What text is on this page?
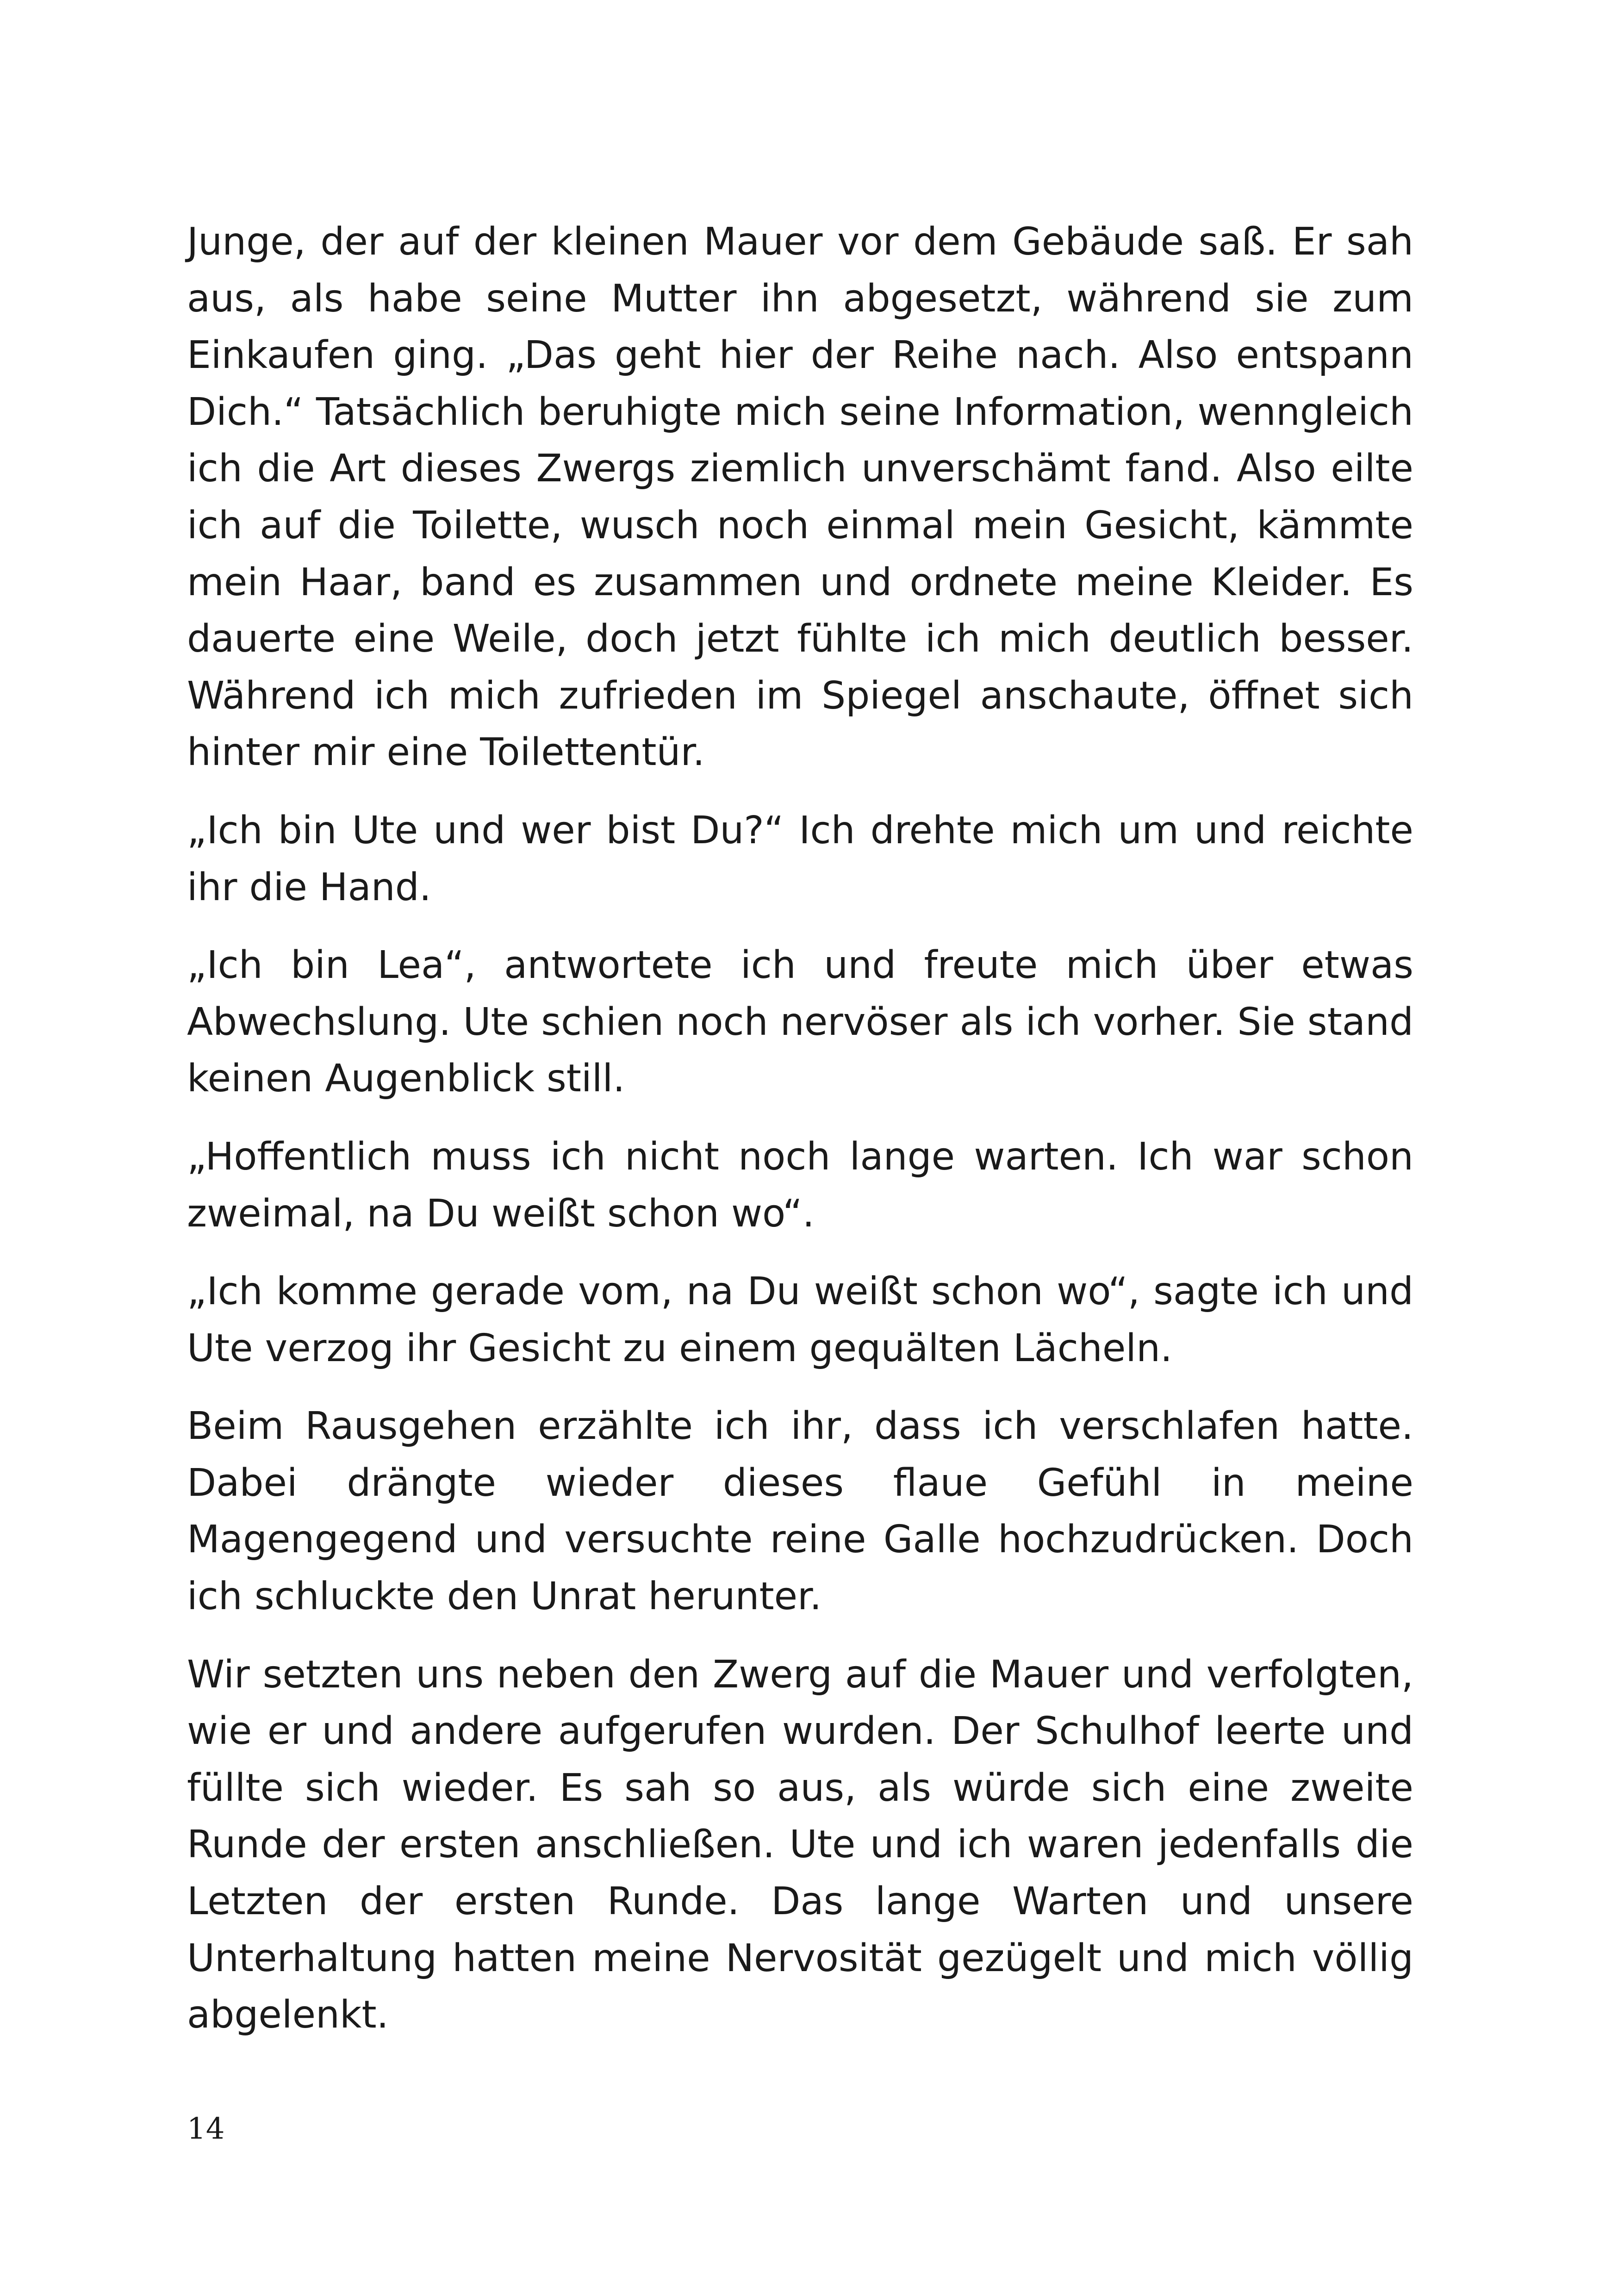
Junge, der auf der kleinen Mauer vor dem Gebäude saß. Er sah aus, als habe seine Mutter ihn abgesetzt, während sie zum Einkaufen ging. „Das geht hier der Reihe nach. Also entspann Dich.“ Tatsächlich beruhigte mich seine Information, wenngleich ich die Art dieses Zwergs ziemlich unverschämt fand. Also eilte ich auf die Toilette, wusch noch einmal mein Gesicht, kämmte mein Haar, band es zusammen und ordnete meine Kleider. Es dauerte eine Weile, doch jetzt fühlte ich mich deutlich besser. Während ich mich zufrieden im Spiegel anschaute, öffnet sich hinter mir eine Toilettentür.

„Ich bin Ute und wer bist Du?“ Ich drehte mich um und reichte ihr die Hand.

„Ich bin Lea“, antwortete ich und freute mich über etwas Abwechslung. Ute schien noch nervöser als ich vorher. Sie stand keinen Augenblick still.

„Hoffentlich muss ich nicht noch lange warten. Ich war schon zweimal, na Du weißt schon wo“.

„Ich komme gerade vom, na Du weißt schon wo“, sagte ich und Ute verzog ihr Gesicht zu einem gequälten Lächeln.

Beim Rausgehen erzählte ich ihr, dass ich verschlafen hatte. Dabei drängte wieder dieses flaue Gefühl in meine Magengegend und versuchte reine Galle hochzudrücken. Doch ich schluckte den Unrat herunter.

Wir setzten uns neben den Zwerg auf die Mauer und verfolgten, wie er und andere aufgerufen wurden. Der Schulhof leerte und füllte sich wieder. Es sah so aus, als würde sich eine zweite Runde der ersten anschließen. Ute und ich waren jedenfalls die Letzten der ersten Runde. Das lange Warten und unsere Unterhaltung hatten meine Nervosität gezügelt und mich völlig abgelenkt.

14
